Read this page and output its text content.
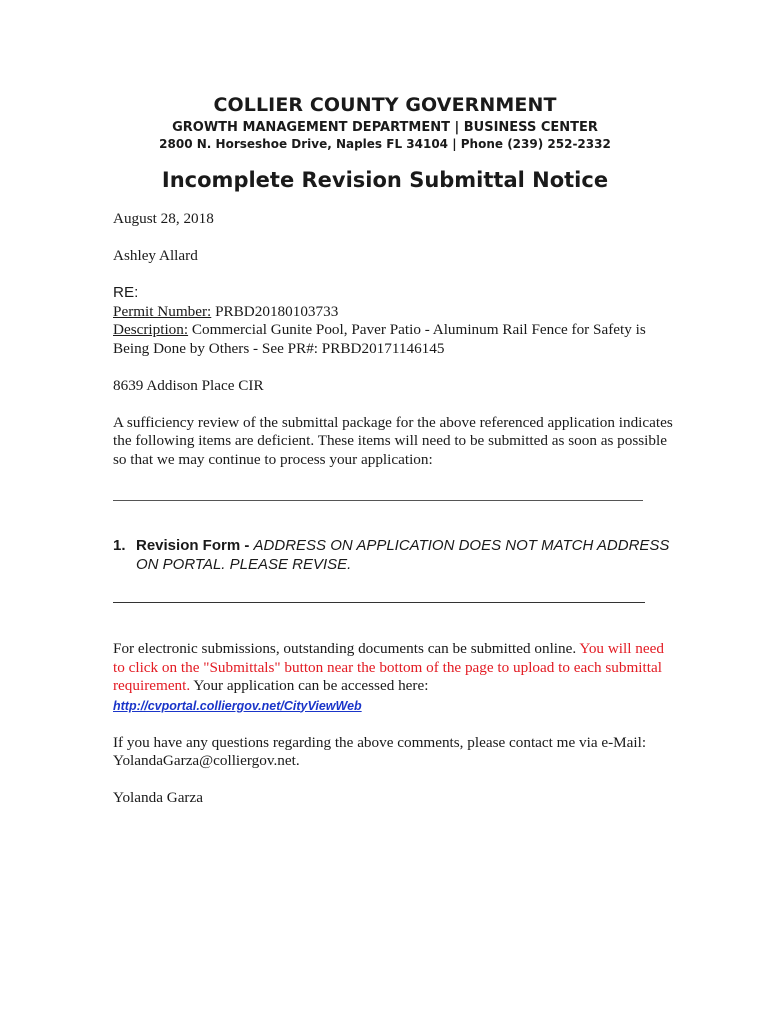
COLLIER COUNTY GOVERNMENT
GROWTH MANAGEMENT DEPARTMENT | BUSINESS CENTER
2800 N. Horseshoe Drive, Naples FL 34104 | Phone (239) 252-2332
Incomplete Revision Submittal Notice
August 28, 2018
Ashley Allard
RE:
Permit Number: PRBD20180103733
Description: Commercial Gunite Pool, Paver Patio - Aluminum Rail Fence for Safety is Being Done by Others - See PR#: PRBD20171146145
8639 Addison Place CIR
A sufficiency review of the submittal package for the above referenced application indicates the following items are deficient. These items will need to be submitted as soon as possible so that we may continue to process your application:
1. Revision Form - ADDRESS ON APPLICATION DOES NOT MATCH ADDRESS ON PORTAL. PLEASE REVISE.
For electronic submissions, outstanding documents can be submitted online. You will need to click on the "Submittals" button near the bottom of the page to upload to each submittal requirement. Your application can be accessed here:
http://cvportal.colliergov.net/CityViewWeb
If you have any questions regarding the above comments, please contact me via e-Mail:
YolandaGarza@colliergov.net.
Yolanda Garza
